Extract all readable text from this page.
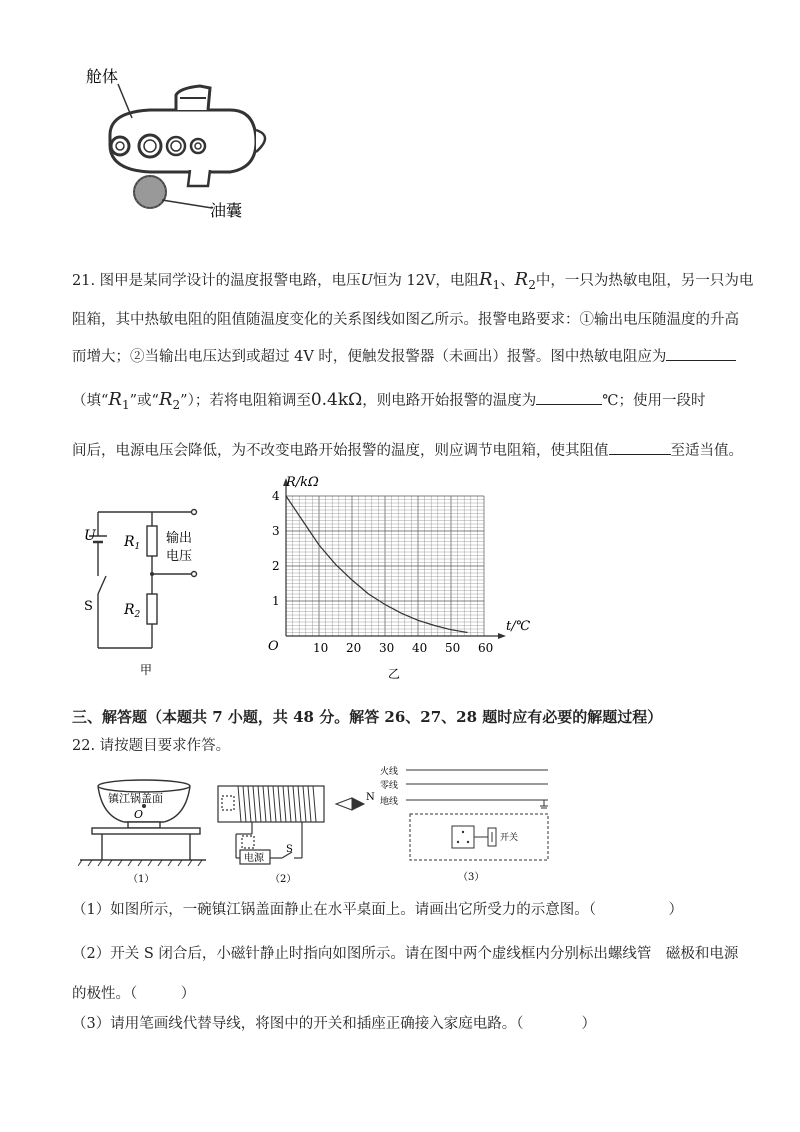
舱体
油囊
21. 图甲是某同学设计的温度报警电路，电压U恒为 12V，电阻$R_1$、$R_2$中，一只为热敏电阻，另一只为电
阻箱，其中热敏电阻的阻值随温度变化的关系图线如图乙所示。报警电路要求：①输出电压随温度的升高
而增大；②当输出电压达到或超过 4V 时，便触发报警器（未画出）报警。图中热敏电阻应为
（填“$R_1$”或“$R_2$”）；若将电阻箱调至0.4kΩ，则电路开始报警的温度为	℃；使用一段时
间后，电源电压会降低，为不改变电路开始报警的温度，则应调节电阻箱，使其阻值	至适当值。
U $R_1$
$R_2$
S
输出
电压
甲
10 20 30 40 50 60
1
2
3
4
R/kΩ
t/℃
O
乙
三、解答题（本题共 7 小题，共 48 分。解答 26、27、28 题时应有必要的解题过程）
22. 请按题目要求作答。
镇江锅盖面
O
（1）
N
电源
S
（2）
火线
零线
地线
开关
（3）
（1）如图所示，一碗镇江锅盖面静止在水平桌面上。请画出它所受力的示意图。（　　　　　）
（2）开关 S 闭合后，小磁针静止时指向如图所示。请在图中两个虚线框内分别标出螺线管　磁极和电源
的极性。（　　　）
（3）请用笔画线代替导线，将图中的开关和插座正确接入家庭电路。（　　　　）
